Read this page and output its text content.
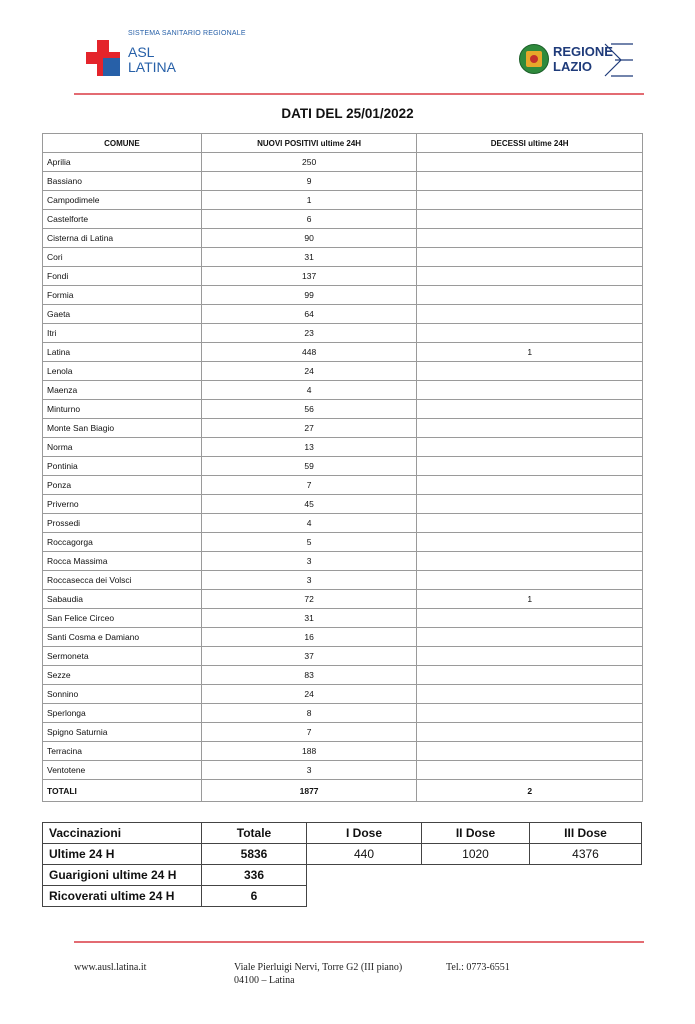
SISTEMA SANITARIO REGIONALE
ASL
LATINA
REGIONE
LAZIO
DATI DEL 25/01/2022
COMUNE	NUOVI POSITIVI ultime 24H	DECESSI ultime 24H
Aprilia	250	
Bassiano	9	
Campodimele	1	
Castelforte	6	
Cisterna di Latina	90	
Cori	31	
Fondi	137	
Formia	99	
Gaeta	64	
Itri	23	
Latina	448	1
Lenola	24	
Maenza	4	
Minturno	56	
Monte San Biagio	27	
Norma	13	
Pontinia	59	
Ponza	7	
Priverno	45	
Prossedi	4	
Roccagorga	5	
Rocca Massima	3	
Roccasecca dei Volsci	3	
Sabaudia	72	1
San Felice Circeo	31	
Santi Cosma e Damiano	16	
Sermoneta	37	
Sezze	83	
Sonnino	24	
Sperlonga	8	
Spigno Saturnia	7	
Terracina	188	
Ventotene	3	
TOTALI	1877	2
Vaccinazioni	Totale	I Dose	II Dose	III Dose
Ultime 24 H	5836	440	1020	4376
Guarigioni ultime 24 H	336			
Ricoverati ultime 24 H	6			
www.ausl.latina.it	Viale Pierluigi Nervi, Torre G2 (III piano)
04100 – Latina
Tel.: 0773-6551
